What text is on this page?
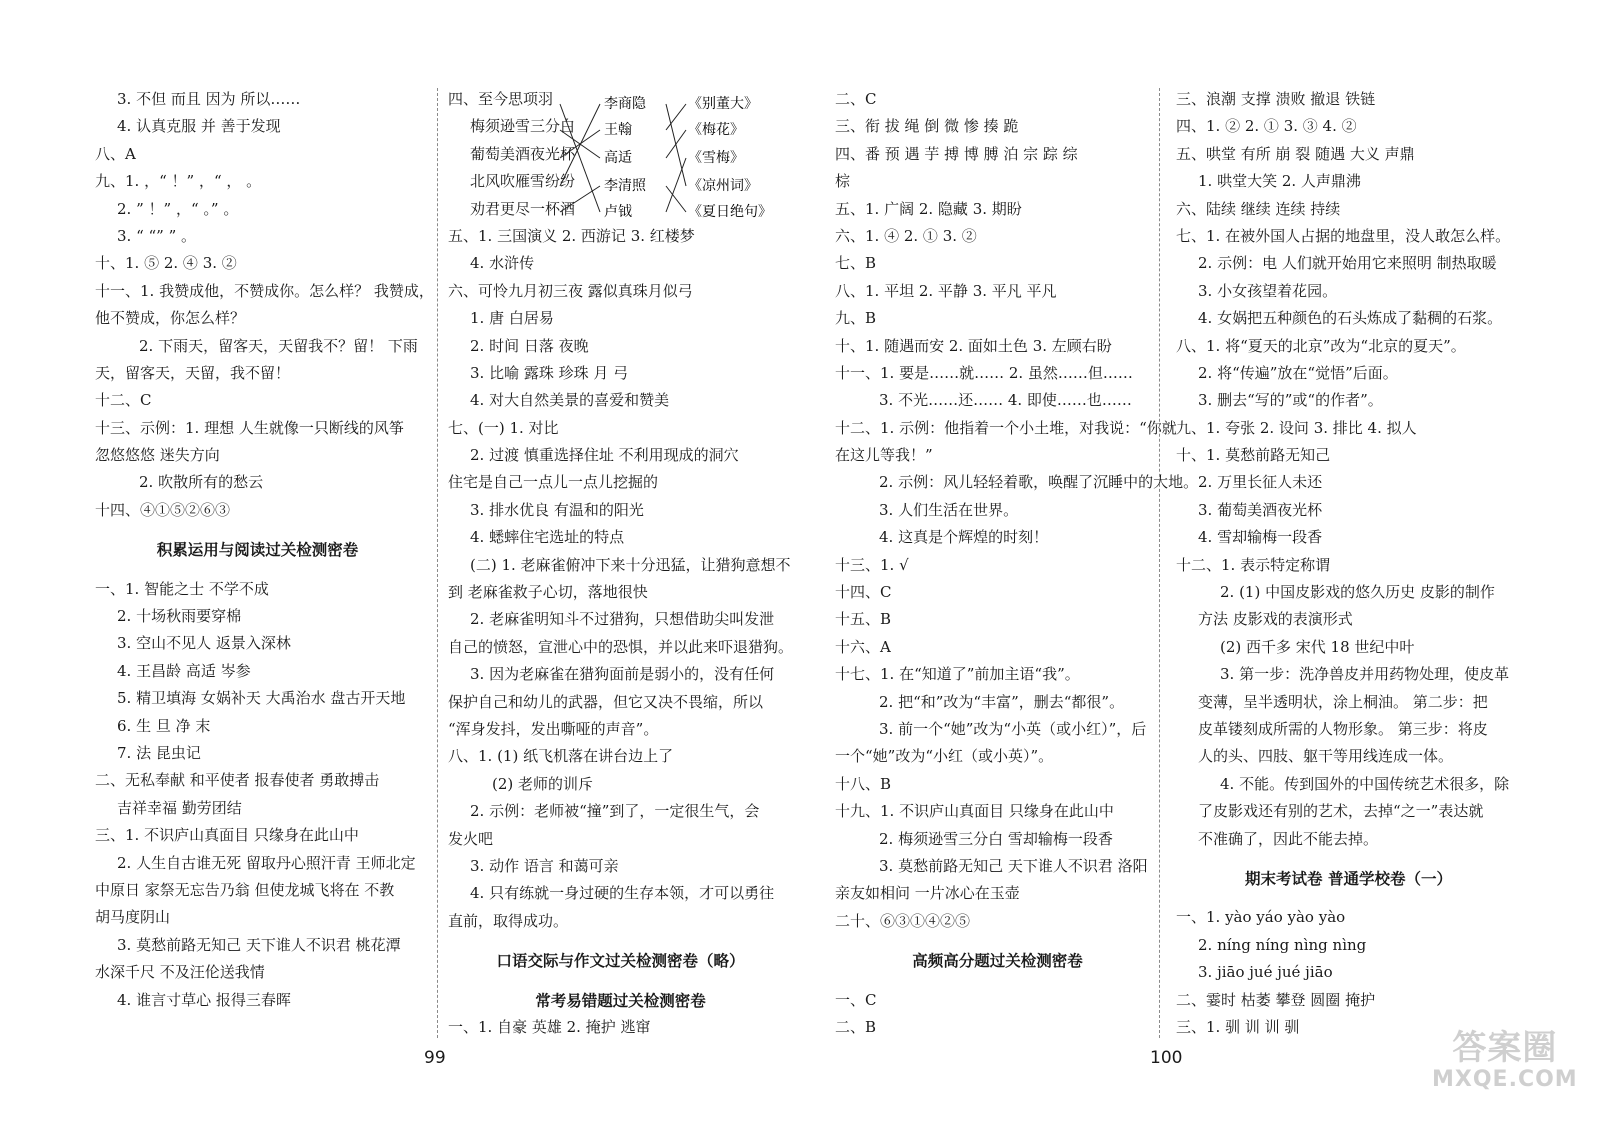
3. 不但 而且 因为 所以……
4. 认真克服 并 善于发现
八、A
九、1. ，“ ！” ，“ ， 。
2. ” ！” ，“ 。” 。
3. “ “” ” 。
十、1. ⑤ 2. ④ 3. ②
十一、1. 我赞成他，不赞成你。怎么样？ 我赞成，
他不赞成，你怎么样？
2. 下雨天，留客天，天留我不？留！ 下雨
天，留客天，天留，我不留！
十二、C
十三、示例：1. 理想 人生就像一只断线的风筝
忽悠悠悠 迷失方向
2. 吹散所有的愁云
十四、④①⑤②⑥③
积累运用与阅读过关检测密卷
一、1. 智能之士 不学不成
2. 十场秋雨要穿棉
3. 空山不见人 返景入深林
4. 王昌龄 高适 岑参
5. 精卫填海 女娲补天 大禹治水 盘古开天地
6. 生 旦 净 末
7. 法 昆虫记
二、无私奉献 和平使者 报春使者 勇敢搏击
吉祥幸福 勤劳团结
三、1. 不识庐山真面目 只缘身在此山中
2. 人生自古谁无死 留取丹心照汗青 王师北定
中原日 家祭无忘告乃翁 但使龙城飞将在 不教
胡马度阴山
3. 莫愁前路无知己 天下谁人不识君 桃花潭
水深千尺 不及汪伦送我情
4. 谁言寸草心 报得三春晖
四、至今思项羽
梅须逊雪三分白
葡萄美酒夜光杯
北风吹雁雪纷纷
劝君更尽一杯酒
五、1. 三国演义 2. 西游记 3. 红楼梦
4. 水浒传
六、可怜九月初三夜 露似真珠月似弓
1. 唐 白居易
2. 时间 日落 夜晚
3. 比喻 露珠 珍珠 月 弓
4. 对大自然美景的喜爱和赞美
七、(一) 1. 对比
2. 过渡 慎重选择住址 不利用现成的洞穴
住宅是自己一点儿一点儿挖掘的
3. 排水优良 有温和的阳光
4. 蟋蟀住宅选址的特点
(二) 1. 老麻雀俯冲下来十分迅猛，让猎狗意想不
到 老麻雀救子心切，落地很快
2. 老麻雀明知斗不过猎狗，只想借助尖叫发泄
自己的愤怒，宣泄心中的恐惧，并以此来吓退猎狗。
3. 因为老麻雀在猎狗面前是弱小的，没有任何
保护自己和幼儿的武器，但它又决不畏缩，所以
“浑身发抖，发出嘶哑的声音”。
八、1. (1) 纸飞机落在讲台边上了
(2) 老师的训斥
2. 示例：老师被“撞”到了，一定很生气，会
发火吧
3. 动作 语言 和蔼可亲
4. 只有练就一身过硬的生存本领，才可以勇往
直前，取得成功。
口语交际与作文过关检测密卷（略）
常考易错题过关检测密卷
一、1. 自豪 英雄 2. 掩护 逃窜
二、C
三、衔 拔 绳 倒 微 惨 揍 跪
四、番 预 遇 芋 搏 博 膊 泊 宗 踪 综
棕
五、1. 广阔 2. 隐藏 3. 期盼
六、1. ④ 2. ① 3. ②
七、B
八、1. 平坦 2. 平静 3. 平凡 平凡
九、B
十、1. 随遇而安 2. 面如土色 3. 左顾右盼
十一、1. 要是……就…… 2. 虽然……但……
3. 不光……还…… 4. 即使……也……
十二、1. 示例：他指着一个小土堆，对我说：“你就
在这儿等我！”
2. 示例：风儿轻轻着歌，唤醒了沉睡中的大地。
3. 人们生活在世界。
4. 这真是个辉煌的时刻！
十三、1. √
十四、C
十五、B
十六、A
十七、1. 在“知道了”前加主语“我”。
2. 把“和”改为“丰富”，删去“都很”。
3. 前一个“她”改为“小英（或小红）”，后
一个“她”改为“小红（或小英）”。
十八、B
十九、1. 不识庐山真面目 只缘身在此山中
2. 梅须逊雪三分白 雪却输梅一段香
3. 莫愁前路无知己 天下谁人不识君 洛阳
亲友如相问 一片冰心在玉壶
二十、⑥③①④②⑤
高频高分题过关检测密卷
一、C
二、B
三、浪潮 支撑 溃败 撤退 铁链
四、1. ② 2. ① 3. ③ 4. ②
五、哄堂 有所 崩 裂 随遇 大义 声鼎
1. 哄堂大笑 2. 人声鼎沸
六、陆续 继续 连续 持续
七、1. 在被外国人占据的地盘里，没人敢怎么样。
2. 示例：电 人们就开始用它来照明 制热取暖
3. 小女孩望着花园。
4. 女娲把五种颜色的石头炼成了黏稠的石浆。
八、1. 将“夏天的北京”改为“北京的夏天”。
2. 将“传遍”放在“觉悟”后面。
3. 删去“写的”或“的作者”。
九、1. 夸张 2. 设问 3. 排比 4. 拟人
十、1. 莫愁前路无知己
2. 万里长征人未还
3. 葡萄美酒夜光杯
4. 雪却输梅一段香
十二、1. 表示特定称谓
2. (1) 中国皮影戏的悠久历史 皮影的制作
方法 皮影戏的表演形式
(2) 西千多 宋代 18 世纪中叶
3. 第一步：洗净兽皮并用药物处理，使皮革
变薄，呈半透明状，涂上桐油。 第二步：把
皮革镂刻成所需的人物形象。 第三步：将皮
人的头、四肢、躯干等用线连成一体。
4. 不能。传到国外的中国传统艺术很多，除
了皮影戏还有别的艺术，去掉“之一”表达就
不准确了，因此不能去掉。
期末考试卷 普通学校卷（一）
一、1. yào yáo yào yào
2. níng níng nìng nìng
3. jiāo jué jué jiāo
二、霎时 枯萎 攀登 圆圈 掩护
三、1. 驯 训 训 驯
李商隐
王翰
高适
李清照
卢钺
《别董大》
《梅花》
《雪梅》
《凉州词》
《夏日绝句》
99	100	答案圈
MXQE.COM
